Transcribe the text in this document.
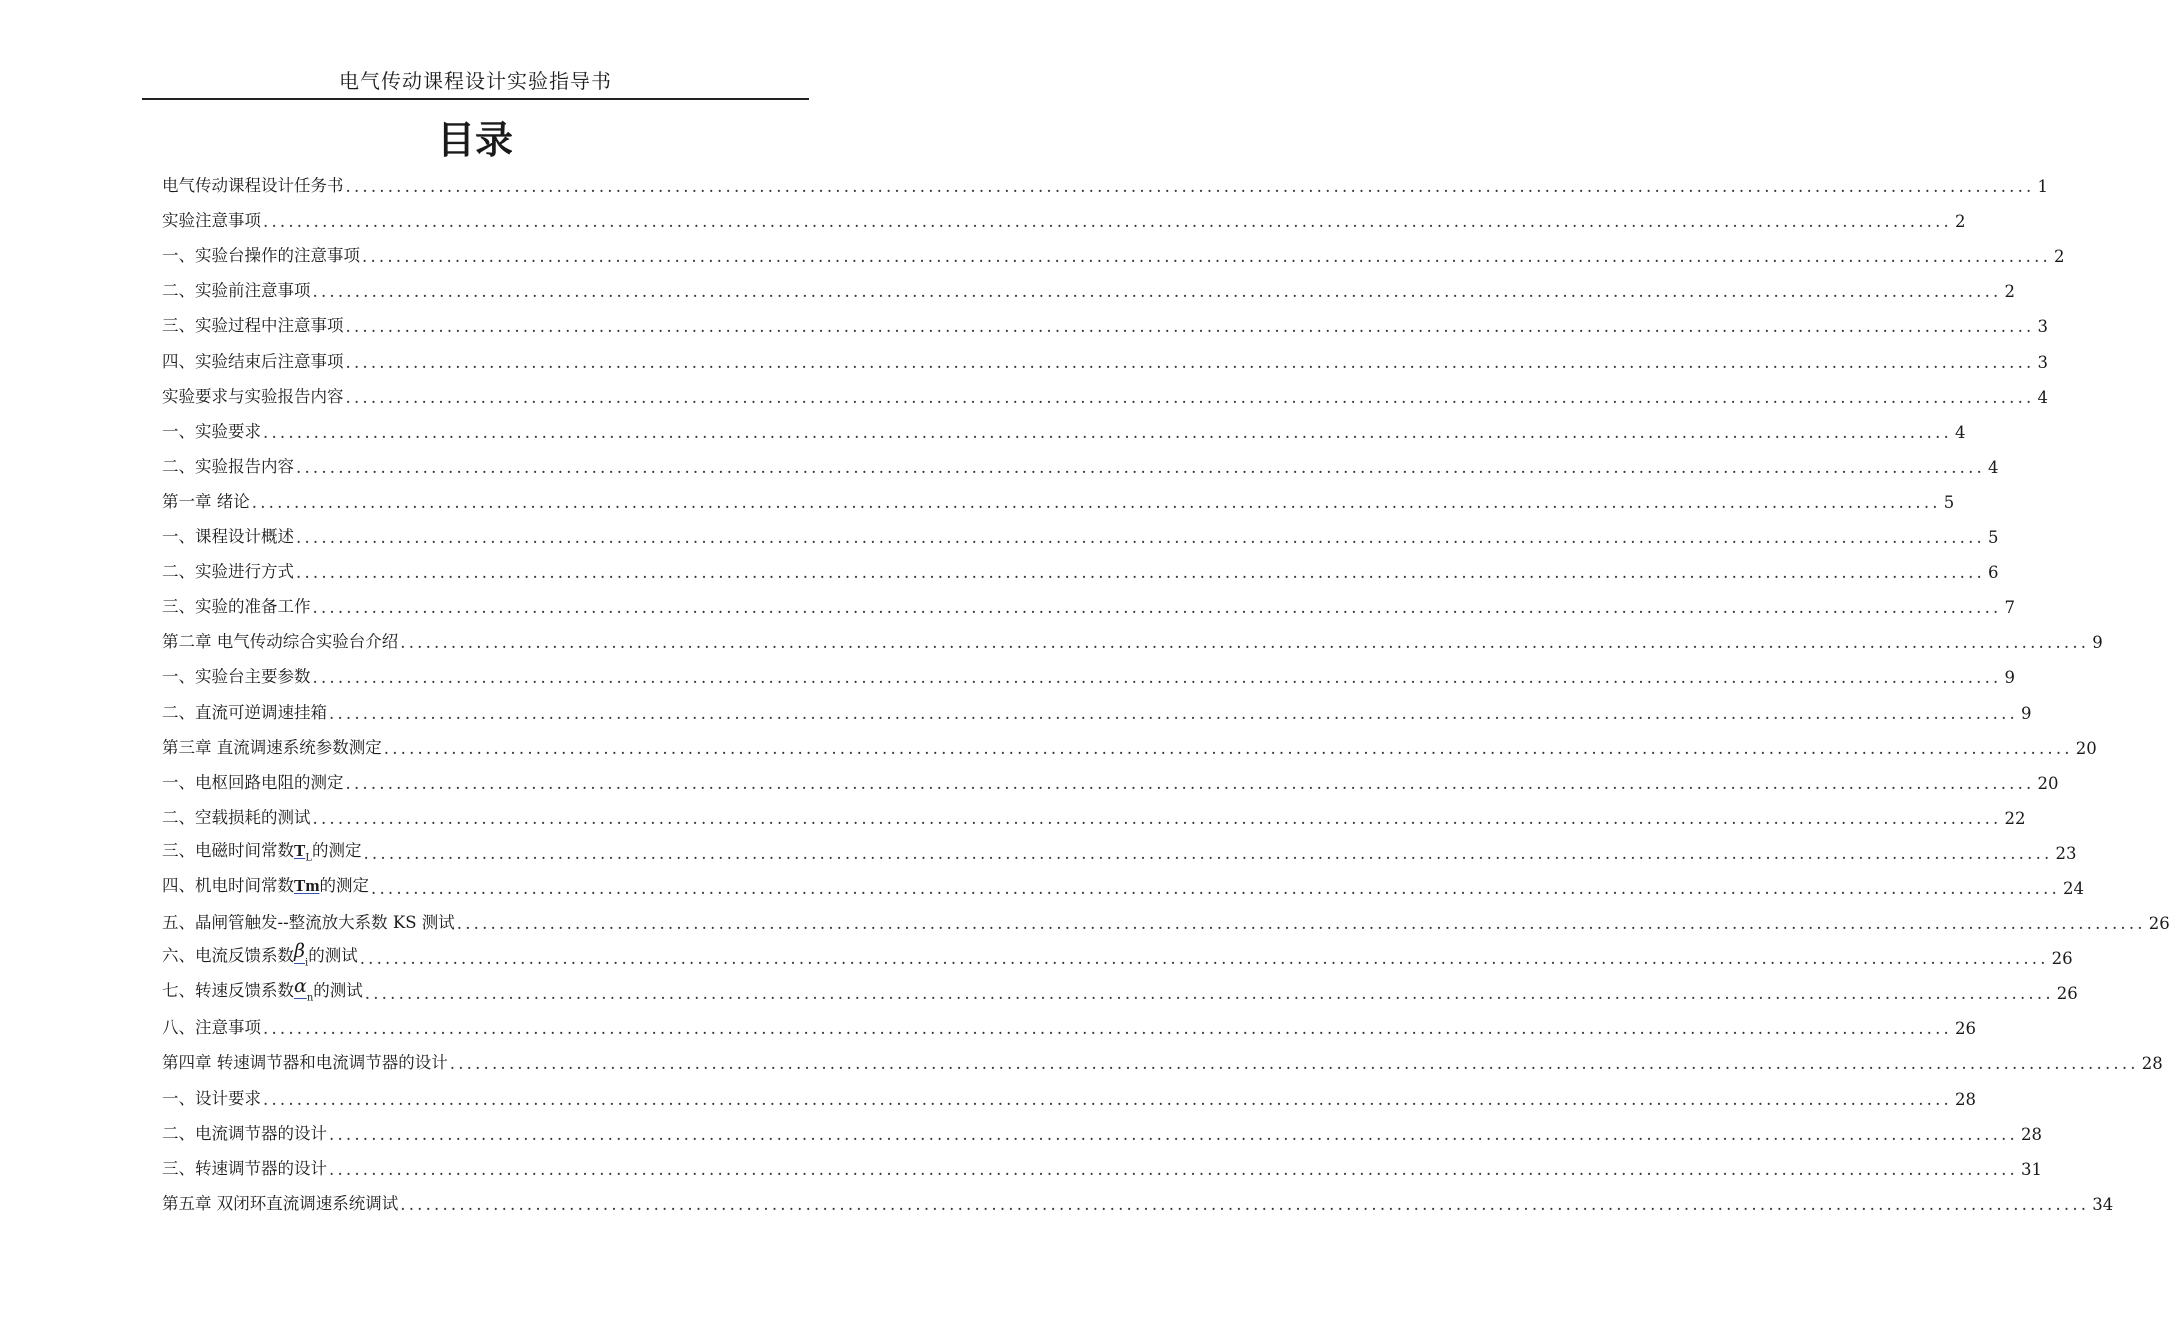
电气传动课程设计实验指导书
目录
电气传动课程设计任务书 ........................................................................................................................................................................................................ 1
实验注意事项 ........................................................................................................................................................................................................ 2
一、实验台操作的注意事项 ........................................................................................................................................................................................................ 2
二、实验前注意事项 ........................................................................................................................................................................................................ 2
三、实验过程中注意事项 ........................................................................................................................................................................................................ 3
四、实验结束后注意事项 ........................................................................................................................................................................................................ 3
实验要求与实验报告内容 ........................................................................................................................................................................................................ 4
一、实验要求 ........................................................................................................................................................................................................ 4
二、实验报告内容 ........................................................................................................................................................................................................ 4
第一章 绪论 ........................................................................................................................................................................................................ 5
一、课程设计概述 ........................................................................................................................................................................................................ 5
二、实验进行方式 ........................................................................................................................................................................................................ 6
三、实验的准备工作 ........................................................................................................................................................................................................ 7
第二章 电气传动综合实验台介绍 ........................................................................................................................................................................................................ 9
一、实验台主要参数 ........................................................................................................................................................................................................ 9
二、直流可逆调速挂箱 ........................................................................................................................................................................................................ 9
第三章 直流调速系统参数测定 ........................................................................................................................................................................................................ 20
一、电枢回路电阻的测定 ........................................................................................................................................................................................................ 20
二、空载损耗的测试 ........................................................................................................................................................................................................ 22
三、电磁时间常数$T_L$的测定 ........................................................................................................................................................................................................ 23
四、机电时间常数Tm的测定 ........................................................................................................................................................................................................ 24
五、晶闸管触发--整流放大系数 KS 测试 ........................................................................................................................................................................................................ 26
六、电流反馈系数$\beta_i$的测试 ........................................................................................................................................................................................................ 26
七、转速反馈系数$\alpha_n$的测试 ........................................................................................................................................................................................................ 26
八、注意事项 ........................................................................................................................................................................................................ 26
第四章 转速调节器和电流调节器的设计 ........................................................................................................................................................................................................ 28
一、设计要求 ........................................................................................................................................................................................................ 28
二、电流调节器的设计 ........................................................................................................................................................................................................ 28
三、转速调节器的设计 ........................................................................................................................................................................................................ 31
第五章 双闭环直流调速系统调试 ........................................................................................................................................................................................................ 34
